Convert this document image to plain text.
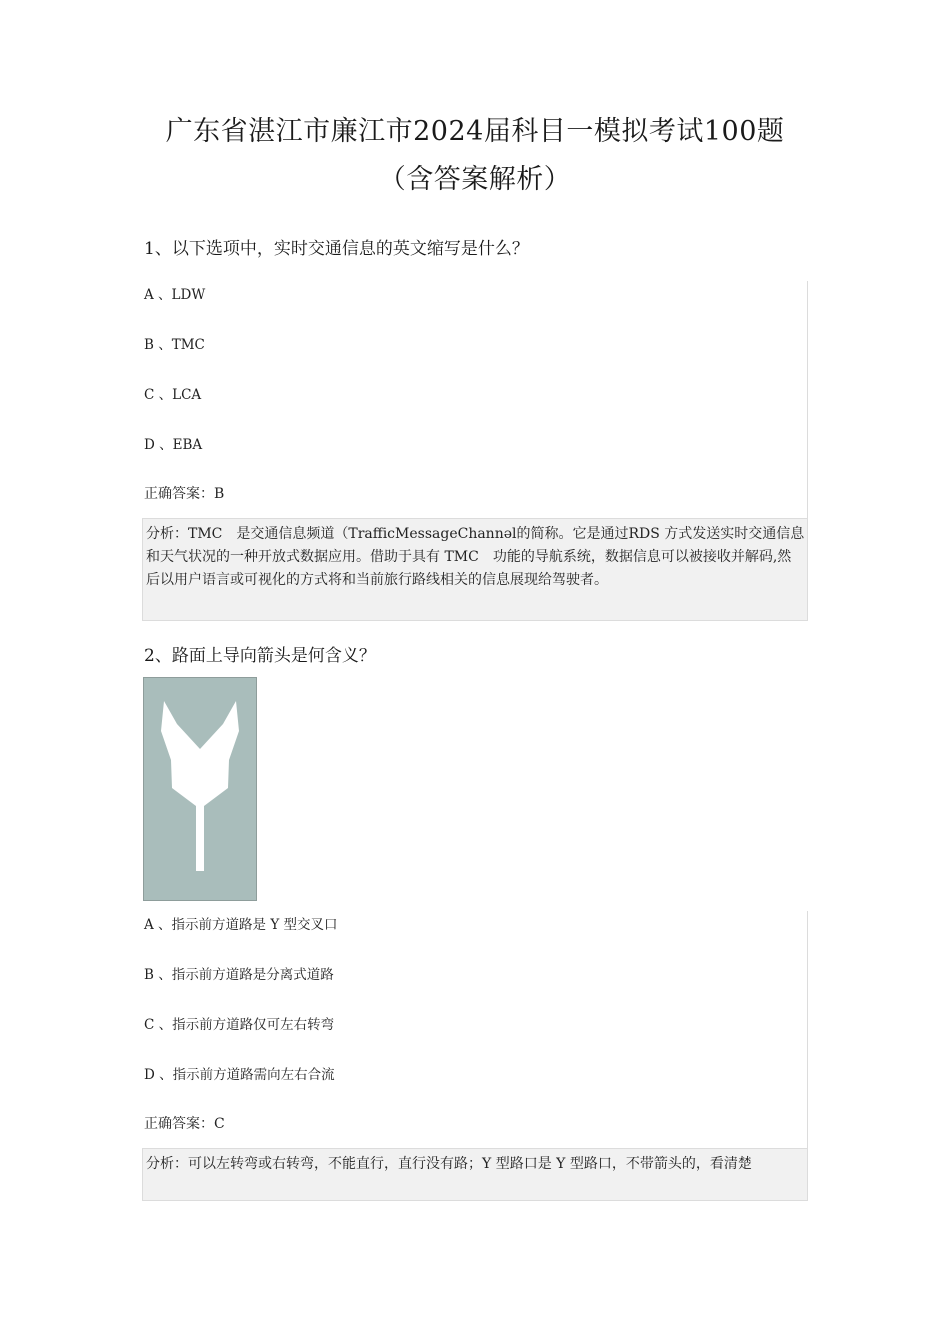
广东省湛江市廉江市2024届科目一模拟考试100题
（含答案解析）
1、以下选项中，实时交通信息的英文缩写是什么？
A 、LDW
B 、TMC
C 、LCA
D 、EBA
正确答案：B
分析：TMC　是交通信息频道（TrafficMessageChannəl的简称。它是通过RDS 方式发送实时交通信息和天气状况的一种开放式数据应用。借助于具有 TMC　功能的导航系统，数据信息可以被接收并解码,然后以用户语言或可视化的方式将和当前旅行路线相关的信息展现给驾驶者。
2、路面上导向箭头是何含义？
A 、指示前方道路是 Y 型交叉口
B 、指示前方道路是分离式道路
C 、指示前方道路仅可左右转弯
D 、指示前方道路需向左右合流
正确答案：C
分析：可以左转弯或右转弯，不能直行，直行没有路；Y 型路口是 Y 型路口，不带箭头的，看清楚
